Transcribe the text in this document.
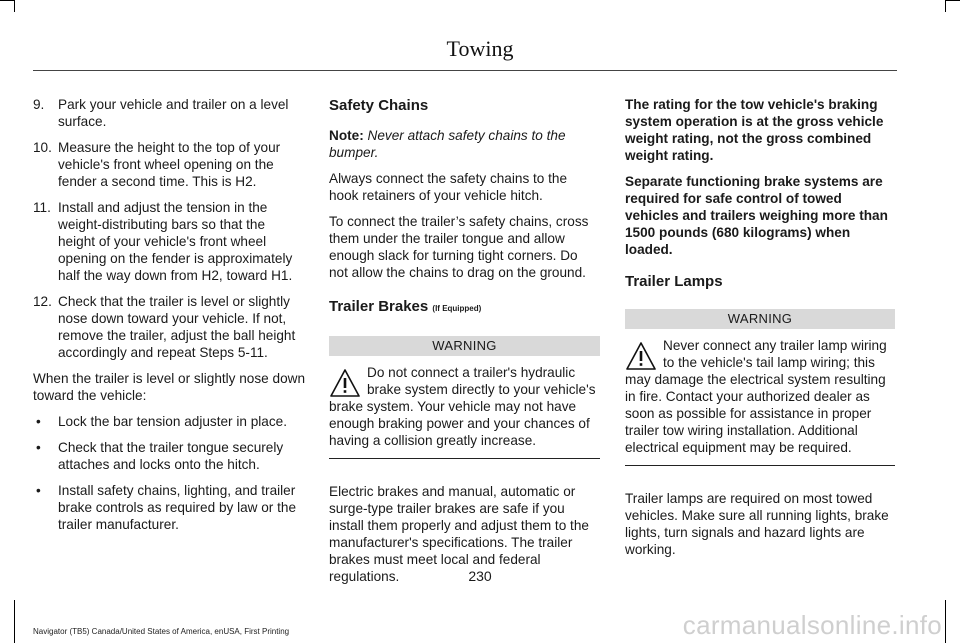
Towing
9. Park your vehicle and trailer on a level surface.
10. Measure the height to the top of your vehicle's front wheel opening on the fender a second time. This is H2.
11. Install and adjust the tension in the weight-distributing bars so that the height of your vehicle's front wheel opening on the fender is approximately half the way down from H2, toward H1.
12. Check that the trailer is level or slightly nose down toward your vehicle. If not, remove the trailer, adjust the ball height accordingly and repeat Steps 5-11.

When the trailer is level or slightly nose down toward the vehicle:

• Lock the bar tension adjuster in place.
• Check that the trailer tongue securely attaches and locks onto the hitch.
• Install safety chains, lighting, and trailer brake controls as required by law or the trailer manufacturer.
Safety Chains

Note: Never attach safety chains to the bumper.

Always connect the safety chains to the hook retainers of your vehicle hitch.

To connect the trailer’s safety chains, cross them under the trailer tongue and allow enough slack for turning tight corners. Do not allow the chains to drag on the ground.

Trailer Brakes (If Equipped)
WARNING
Do not connect a trailer's hydraulic brake system directly to your vehicle's brake system. Your vehicle may not have enough braking power and your chances of having a collision greatly increase.

Electric brakes and manual, automatic or surge-type trailer brakes are safe if you install them properly and adjust them to the manufacturer's specifications. The trailer brakes must meet local and federal regulations.

The rating for the tow vehicle's braking system operation is at the gross vehicle weight rating, not the gross combined weight rating.

Separate functioning brake systems are required for safe control of towed vehicles and trailers weighing more than 1500 pounds (680 kilograms) when loaded.

Trailer Lamps
WARNING
Never connect any trailer lamp wiring to the vehicle's tail lamp wiring; this may damage the electrical system resulting in fire. Contact your authorized dealer as soon as possible for assistance in proper trailer tow wiring installation. Additional electrical equipment may be required.

Trailer lamps are required on most towed vehicles. Make sure all running lights, brake lights, turn signals and hazard lights are working.

230
Navigator (TB5) Canada/United States of America, enUSA, First Printing	carmanualsonline.info
